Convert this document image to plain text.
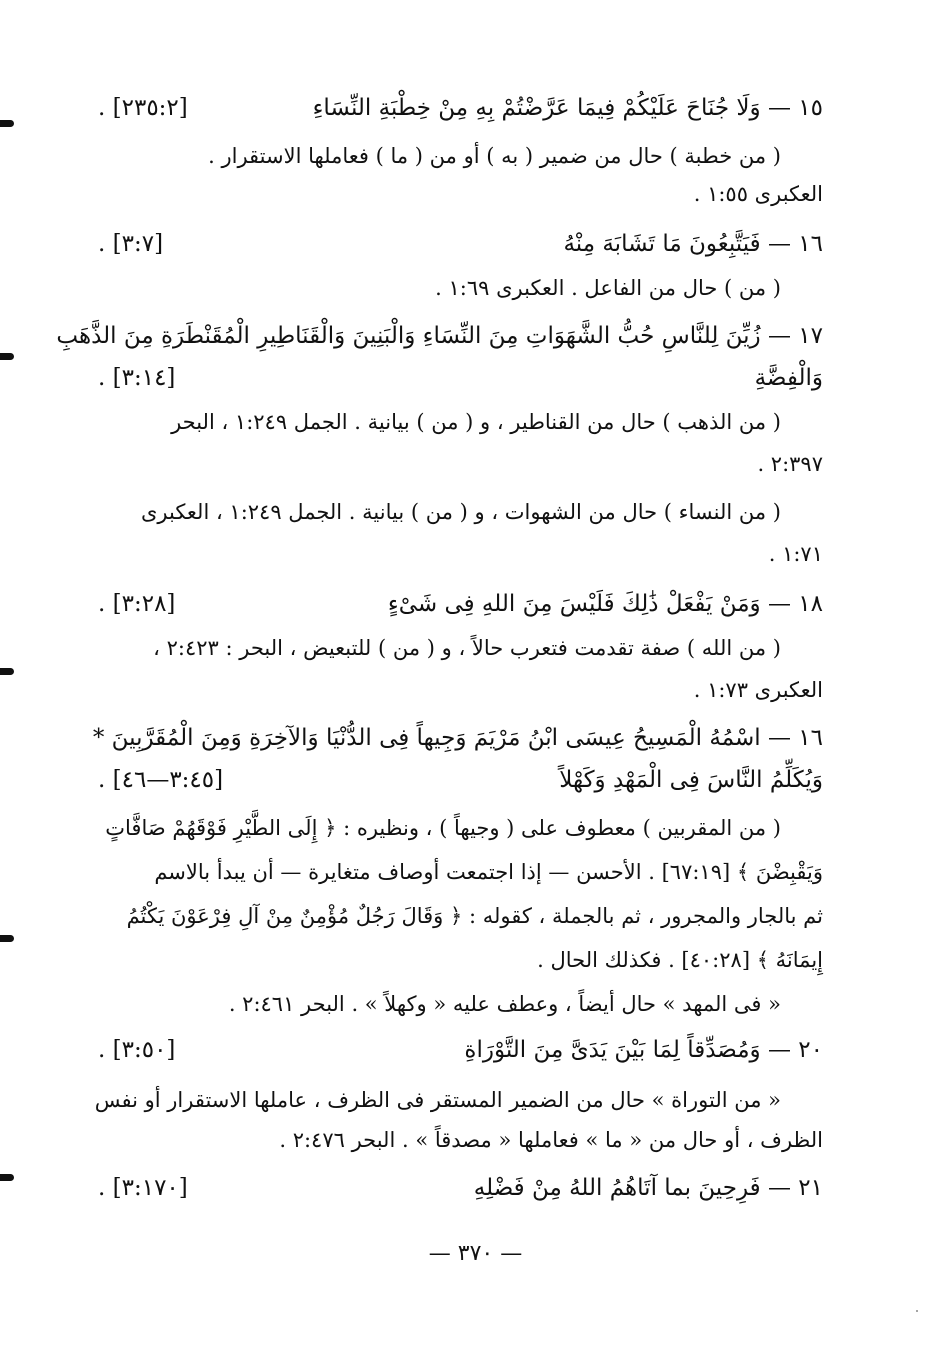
١٥ — وَلَا جُنَاحَ عَلَيْكُمْ فِيمَا عَرَّضْتُمْ بِهِ مِنْ خِطْبَةِ النِّسَاءِ
. [٢٣٥:٢]
( من خطبة ) حال من ضمير ( به ) أو من ( ما ) فعاملها الاستقرار .
العكبرى ١:٥٥ .
١٦ — فَيَتَّبِعُونَ مَا تَشَابَهَ مِنْهُ
. [٣:٧]
( من ) حال من الفاعل . العكبرى ١:٦٩ .
١٧ — زُيِّنَ لِلنَّاسِ حُبُّ الشَّهَوَاتِ مِنَ النِّسَاءِ وَالْبَنِينَ وَالْقَنَاطِيرِ الْمُقَنْطَرَةِ مِنَ الذَّهَبِ
وَالْفِضَّةِ
. [٣:١٤]
( من الذهب ) حال من القناطير ، و ( من ) بيانية . الجمل ١:٢٤٩ ، البحر
٢:٣٩٧ .
( من النساء ) حال من الشهوات ، و ( من ) بيانية . الجمل ١:٢٤٩ ، العكبرى
١:٧١ .
١٨ — وَمَنْ يَفْعَلْ ذَٰلِكَ فَلَيْسَ مِنَ اللهِ فِى شَىْءٍ
. [٣:٢٨]
( من الله ) صفة تقدمت فتعرب حالاً ، و ( من ) للتبعيض ، البحر : ٢:٤٢٣ ،
العكبرى ١:٧٣ .
١٦ — اسْمُهُ الْمَسِيحُ عِيسَى ابْنُ مَرْيَمَ وَجِيهاً فِى الدُّنْيَا وَالآخِرَةِ وَمِنَ الْمُقَرَّبِينَ *
وَيُكَلِّمُ النَّاسَ فِى الْمَهْدِ وَكَهْلاً
. [٣:٤٥—٤٦]
( من المقربين ) معطوف على ( وجيهاً ) ، ونظيره : ﴿ إِلَى الطَّيْرِ فَوْقَهُمْ صَافَّاتٍ
وَيَقْبِضْنَ ﴾ [٦٧:١٩] . الأحسن — إذا اجتمعت أوصاف متغايرة — أن يبدأ بالاسم
ثم بالجار والمجرور ، ثم بالجملة ، كقوله : ﴿ وَقَالَ رَجُلٌ مُؤْمِنٌ مِنْ آلِ فِرْعَوْنَ يَكْتُمُ
إِيمَانَهُ ﴾ [٤٠:٢٨] . فكذلك الحال .
« فى المهد » حال أيضاً ، وعطف عليه « وكهلاً » . البحر ٢:٤٦١ .
٢٠ — وَمُصَدِّقاً لِمَا بَيْنَ يَدَىَّ مِنَ التَّوْرَاةِ
. [٣:٥٠]
« من التوراة » حال من الضمير المستقر فى الظرف ، عاملها الاستقرار أو نفس
الظرف ، أو حال من « ما » فعاملها « مصدقاً » . البحر ٢:٤٧٦ .
٢١ — فَرِحِينَ بما آتَاهُمُ اللهُ مِنْ فَضْلِهِ
. [٣:١٧٠]
— ٣٧٠ —
